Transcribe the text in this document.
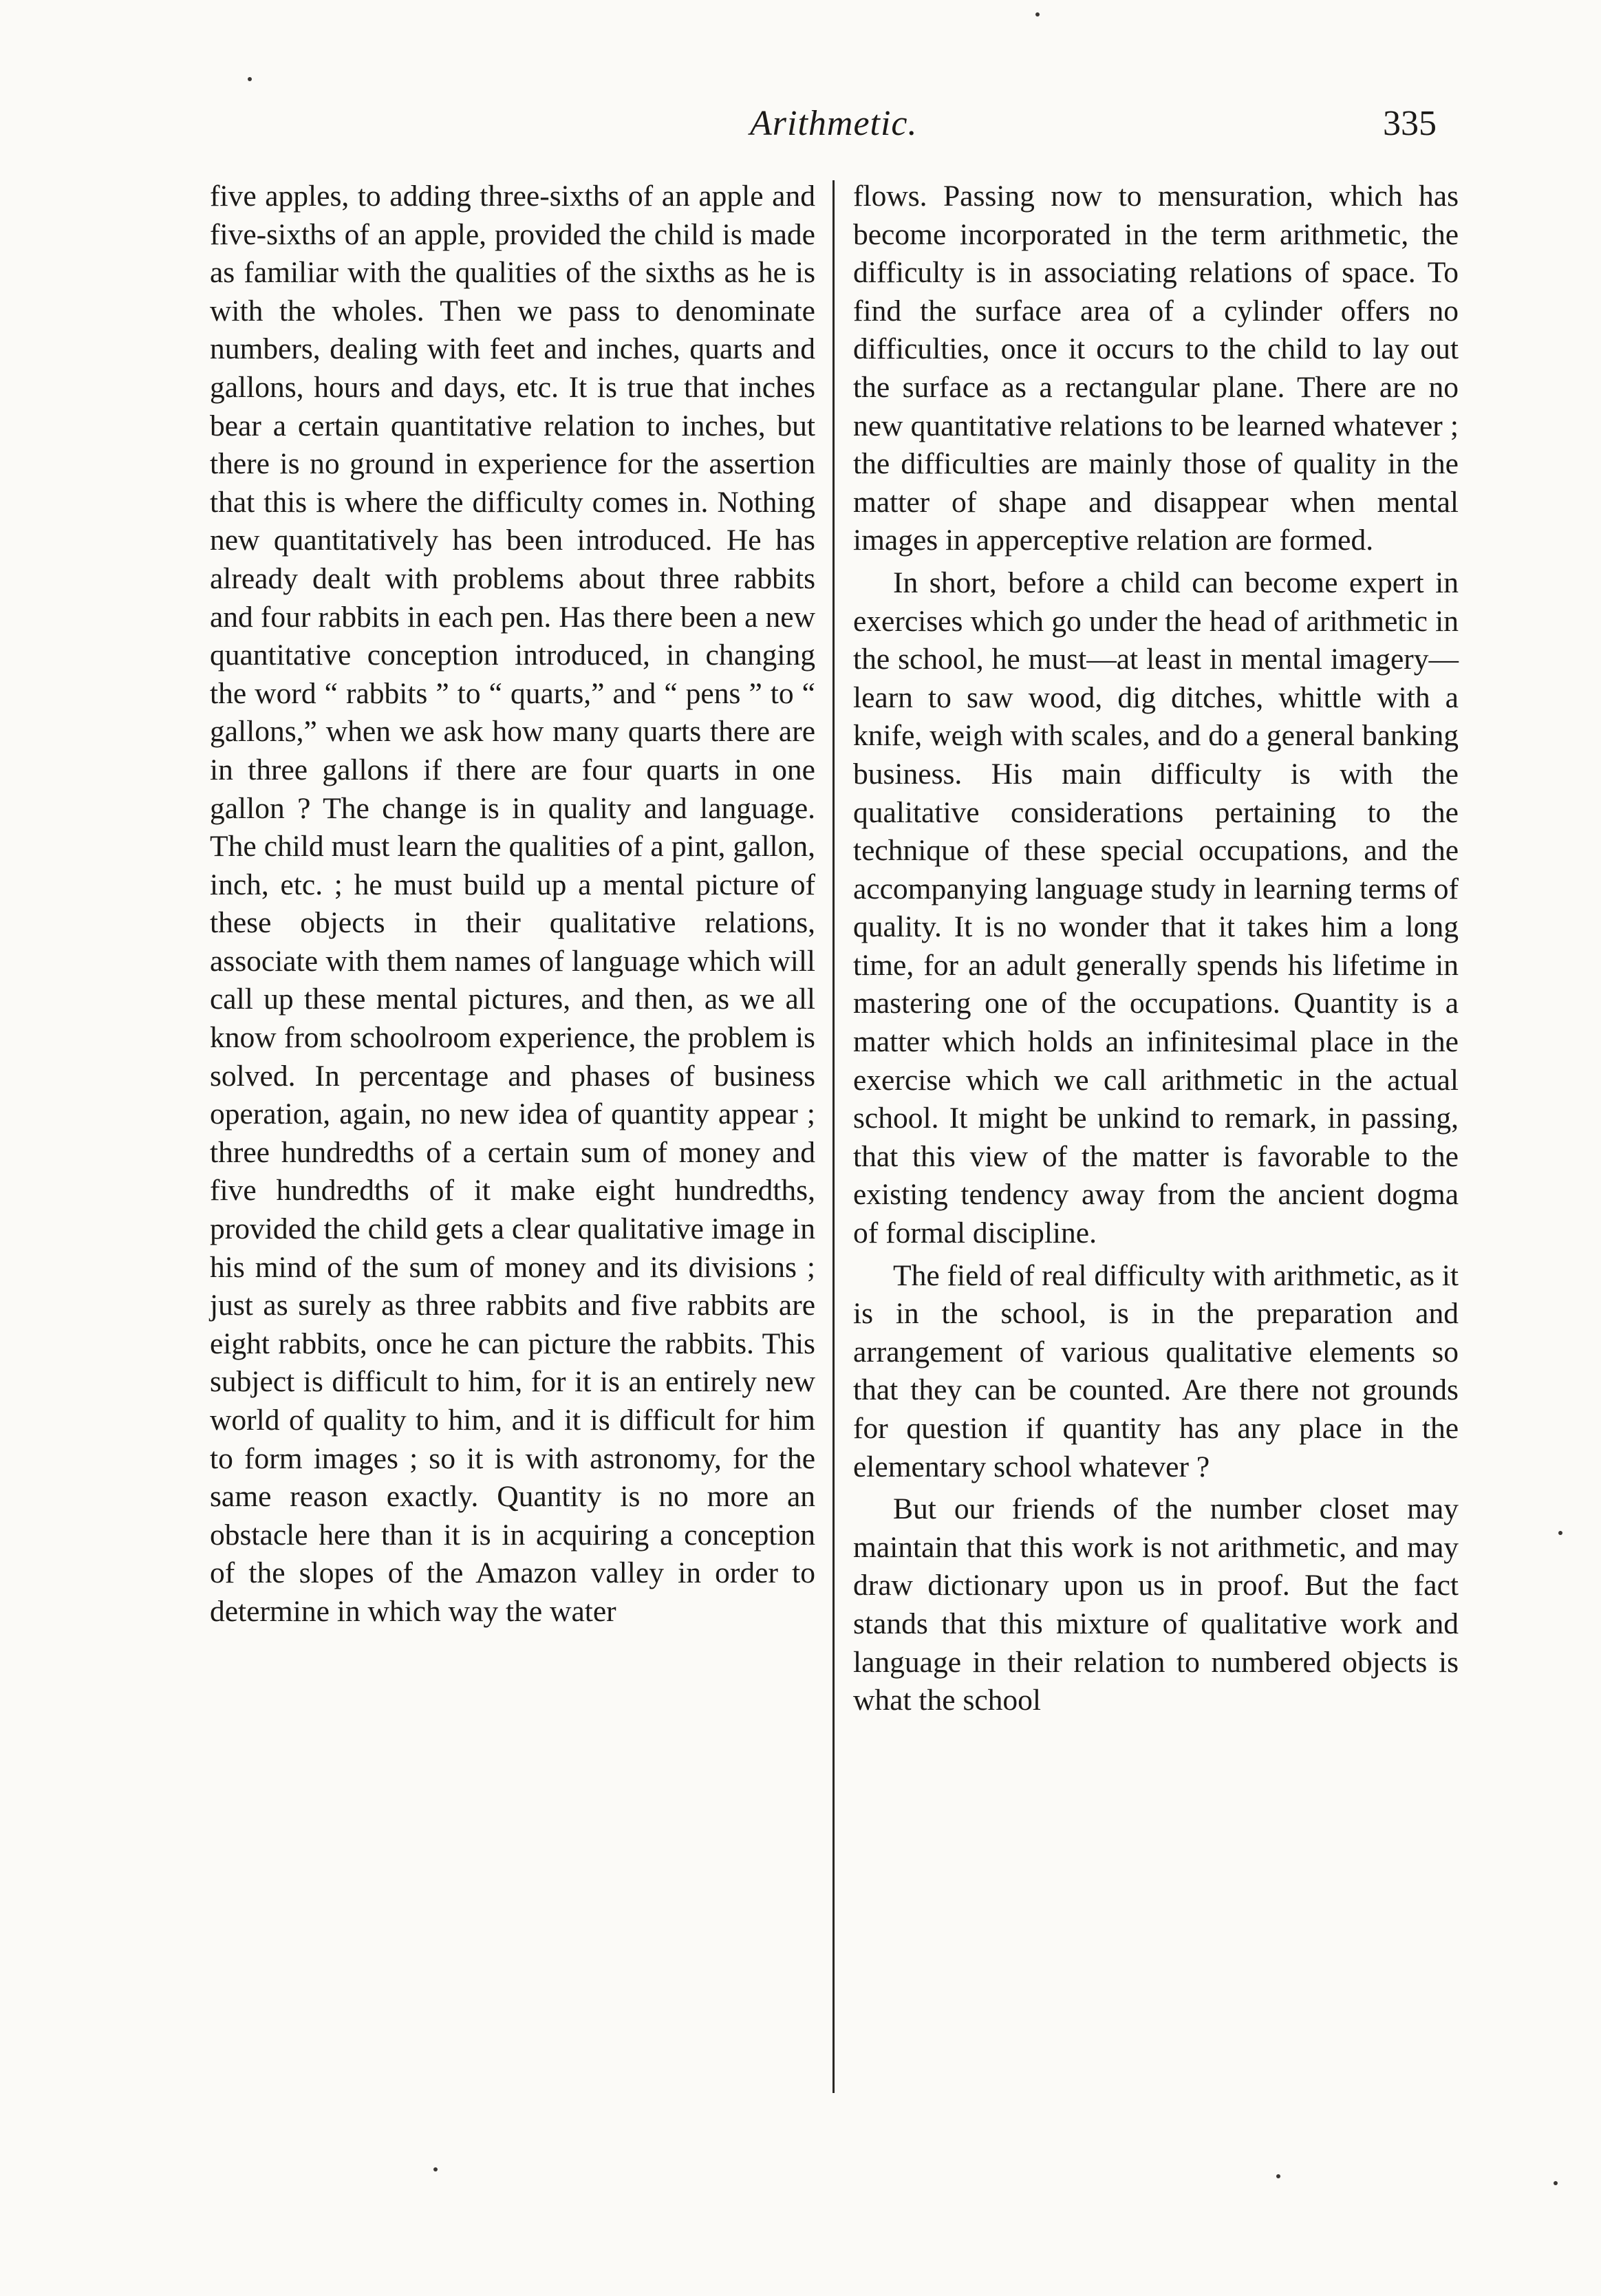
Arithmetic.	335

five apples, to adding three-sixths of an apple and five-sixths of an apple, provided the child is made as familiar with the qualities of the sixths as he is with the wholes. Then we pass to denominate numbers, dealing with feet and inches, quarts and gallons, hours and days, etc. It is true that inches bear a certain quantitative relation to inches, but there is no ground in experience for the assertion that this is where the difficulty comes in. Nothing new quantitatively has been introduced. He has already dealt with problems about three rabbits and four rabbits in each pen. Has there been a new quantitative conception introduced, in changing the word “ rabbits ” to “ quarts,” and “ pens ” to “ gallons,” when we ask how many quarts there are in three gallons if there are four quarts in one gallon ? The change is in quality and language. The child must learn the qualities of a pint, gallon, inch, etc. ; he must build up a mental picture of these objects in their qualitative relations, associate with them names of language which will call up these mental pictures, and then, as we all know from schoolroom experience, the problem is solved. In percentage and phases of business operation, again, no new idea of quantity appear ; three hundredths of a certain sum of money and five hundredths of it make eight hundredths, provided the child gets a clear qualitative image in his mind of the sum of money and its divisions ; just as surely as three rabbits and five rabbits are eight rabbits, once he can picture the rabbits. This subject is difficult to him, for it is an entirely new world of quality to him, and it is difficult for him to form images ; so it is with astronomy, for the same reason exactly. Quantity is no more an obstacle here than it is in acquiring a conception of the slopes of the Amazon valley in order to determine in which way the water

flows. Passing now to mensuration, which has become incorporated in the term arithmetic, the difficulty is in associating relations of space. To find the surface area of a cylinder offers no difficulties, once it occurs to the child to lay out the surface as a rectangular plane. There are no new quantitative relations to be learned whatever ; the difficulties are mainly those of quality in the matter of shape and disappear when mental images in apperceptive relation are formed.

In short, before a child can become expert in exercises which go under the head of arithmetic in the school, he must—at least in mental imagery—learn to saw wood, dig ditches, whittle with a knife, weigh with scales, and do a general banking business. His main difficulty is with the qualitative considerations pertaining to the technique of these special occupations, and the accompanying language study in learning terms of quality. It is no wonder that it takes him a long time, for an adult generally spends his lifetime in mastering one of the occupations. Quantity is a matter which holds an infinitesimal place in the exercise which we call arithmetic in the actual school. It might be unkind to remark, in passing, that this view of the matter is favorable to the existing tendency away from the ancient dogma of formal discipline.

The field of real difficulty with arithmetic, as it is in the school, is in the preparation and arrangement of various qualitative elements so that they can be counted. Are there not grounds for question if quantity has any place in the elementary school whatever ?

But our friends of the number closet may maintain that this work is not arithmetic, and may draw dictionary upon us in proof. But the fact stands that this mixture of qualitative work and language in their relation to numbered objects is what the school
